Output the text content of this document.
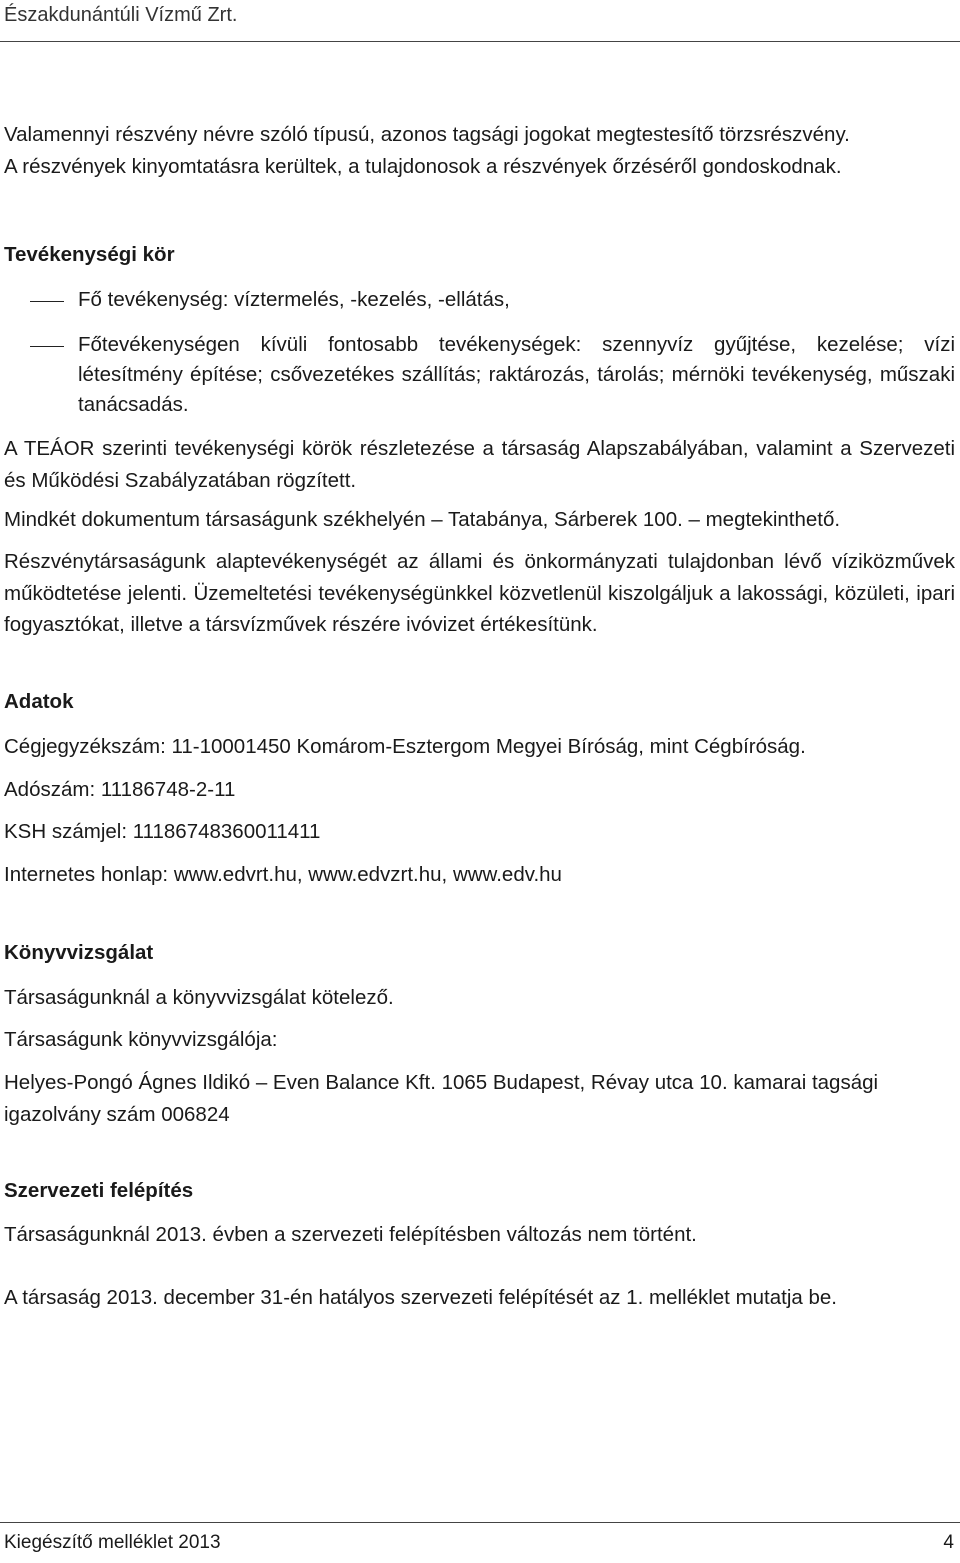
Északdunántúli Vízmű Zrt.

Valamennyi részvény névre szóló típusú, azonos tagsági jogokat megtestesítő törzsrészvény.

A részvények kinyomtatásra kerültek, a tulajdonosok a részvények őrzéséről gondoskodnak.

Tevékenységi kör

Fő tevékenység: víztermelés, -kezelés, -ellátás,

Főtevékenységen kívüli fontosabb tevékenységek: szennyvíz gyűjtése, kezelése; vízi létesítmény építése; csővezetékes szállítás; raktározás, tárolás; mérnöki tevékenység, műszaki tanácsadás.

A TEÁOR szerinti tevékenységi körök részletezése a társaság Alapszabályában, valamint a Szervezeti és Működési Szabályzatában rögzített.

Mindkét dokumentum társaságunk székhelyén – Tatabánya, Sárberek 100. – megtekinthető.

Részvénytársaságunk alaptevékenységét az állami és önkormányzati tulajdonban lévő víziközművek működtetése jelenti. Üzemeltetési tevékenységünkkel közvetlenül kiszolgáljuk a lakossági, közületi, ipari fogyasztókat, illetve a társvízművek részére ivóvizet értékesítünk.

Adatok

Cégjegyzékszám: 11-10001450 Komárom-Esztergom Megyei Bíróság, mint Cégbíróság.

Adószám: 11186748-2-11

KSH számjel: 11186748360011411

Internetes honlap: www.edvrt.hu, www.edvzrt.hu, www.edv.hu

Könyvvizsgálat

Társaságunknál a könyvvizsgálat kötelező.

Társaságunk könyvvizsgálója:

Helyes-Pongó Ágnes Ildikó – Even Balance Kft. 1065 Budapest, Révay utca 10. kamarai tagsági igazolvány szám 006824

Szervezeti felépítés

Társaságunknál 2013. évben a szervezeti felépítésben változás nem történt.

A társaság 2013. december 31-én hatályos szervezeti felépítését az 1. melléklet mutatja be.

Kiegészítő melléklet 2013	4
